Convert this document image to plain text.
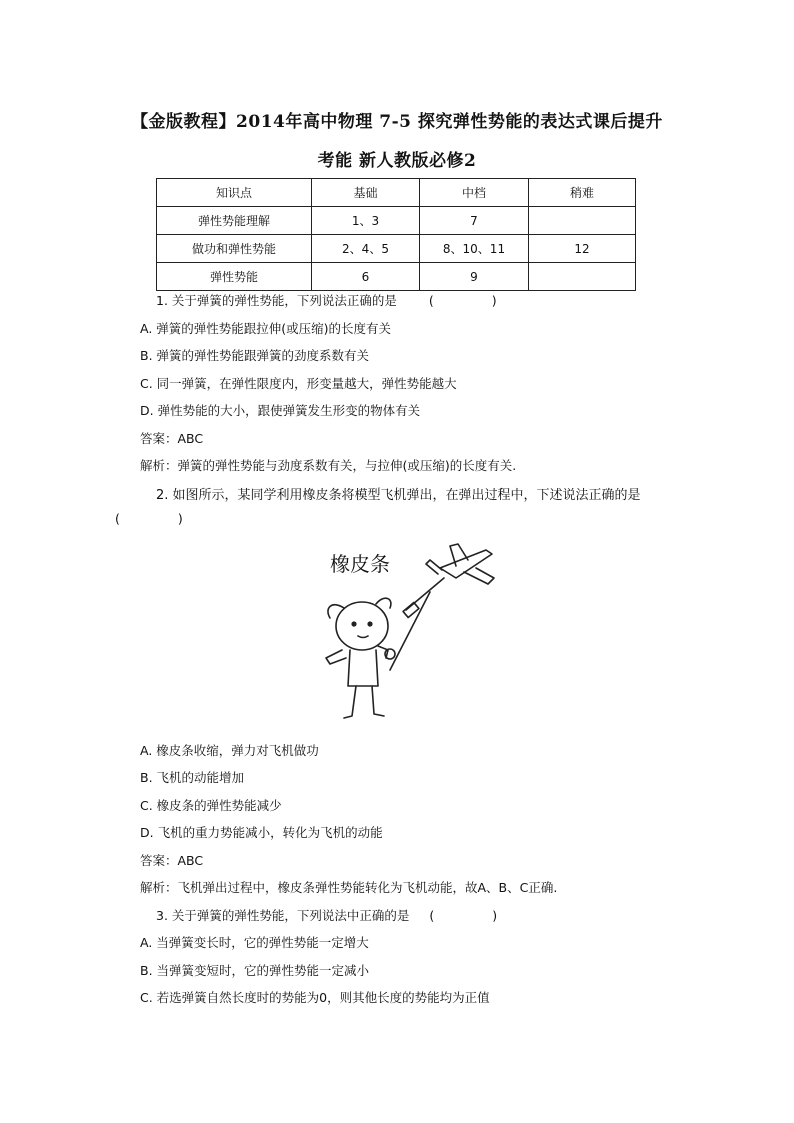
【金版教程】2014年高中物理 7-5 探究弹性势能的表达式课后提升
考能 新人教版必修2
知识点	基础	中档	稍难
弹性势能理解	1、3	7	
做功和弹性势能	2、4、5	8、10、11	12
弹性势能	6	9	
1. 关于弹簧的弹性势能，下列说法正确的是	(	)
A. 弹簧的弹性势能跟拉伸(或压缩)的长度有关
B. 弹簧的弹性势能跟弹簧的劲度系数有关
C. 同一弹簧，在弹性限度内，形变量越大，弹性势能越大
D. 弹性势能的大小，跟使弹簧发生形变的物体有关
答案：ABC
解析：弹簧的弹性势能与劲度系数有关，与拉伸(或压缩)的长度有关.
2. 如图所示，某同学利用橡皮条将模型飞机弹出，在弹出过程中，下述说法正确的是
(	)
橡皮条
A. 橡皮条收缩，弹力对飞机做功
B. 飞机的动能增加
C. 橡皮条的弹性势能减少
D. 飞机的重力势能减小，转化为飞机的动能
答案：ABC
解析：飞机弹出过程中，橡皮条弹性势能转化为飞机动能，故A、B、C正确.
3. 关于弹簧的弹性势能，下列说法中正确的是 (	)
A. 当弹簧变长时，它的弹性势能一定增大
B. 当弹簧变短时，它的弹性势能一定减小
C. 若选弹簧自然长度时的势能为0，则其他长度的势能均为正值
